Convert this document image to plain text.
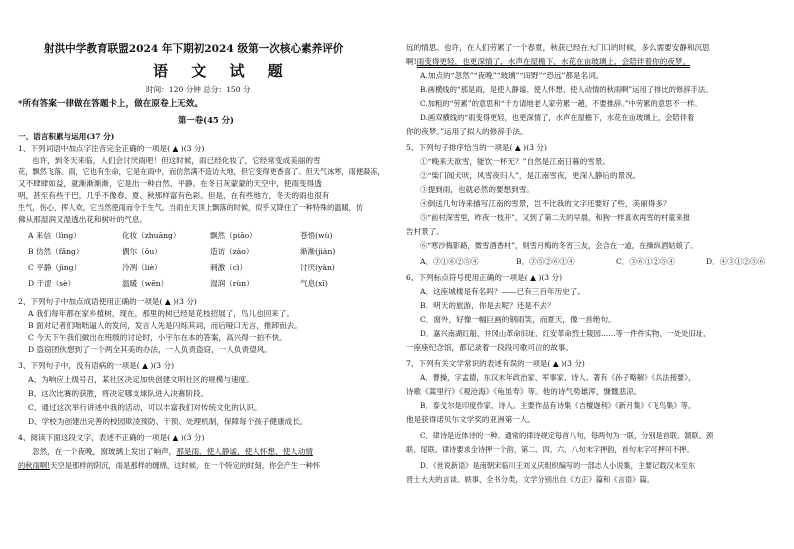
射洪中学教育联盟2024 年下期初2024 级第一次核心素养评价
语 文 试 题
时间：120 分钟 总分：150 分
*所有答案一律做在答题卡上，做在原卷上无效。
第一卷(45 分)
一、语言积累与运用(37 分)
1、下列词语中加点字注音完全正确的一项是( ▲ )(3 分)
也许，到冬天来临，人们会讨厌雨吧！但这时候，雨已经化妆了，它经常变成美丽的雪
花，飘然飞落。雨，它也有生命，它是在雨中，而仿然满不造访大地，但它变得更香喜了。但天气冰寒，雨便凝冻，
又不肆肆如益，就渐渐渐渐，它是出一种自然、平静。在冬日灰蒙蒙的天空中，使雨变得透
明，甚至有些干巴，几乎不像春、夏、秋那样富有色彩。但是，在有些地方，冬天的雨也很有
生气，伤心，挥人欢，它当然使雨而令于生气。当雨在天顶上飘落的时候，似乎又降住了一种特殊的温暖，仿
佛从那湿润又湿透出花和树叶的气息。
A 来信（lìng）	化妆（zhuāng）	飘然（piāo）	苍悟(wù)
B 仿然（fǎng）	偶尔（ǒu）	造访（zào）	渐渐(jiàn)
C 平静（jìng）	冷冽（liè）	刺激（cì）	讨厌(yàn)
D 干涩（sè）	温暖（wēn）	湿润（rùn）	气息(xī)
2、下列句子中加点成语使用正确的一项是( ▲ )(3 分)
A 我们每年都在家乡植树，现在，那里的树已经是花枝招展了，鸟儿也回来了。
B 面对记者们咄咄逼人的发问，发言人先是闪烁其词，而后哑口无言，推卸而去。
C 今天下午我们做出在班级的讨论时，小宇尔在本的答案，高兴得一拍不快。
D 盗窃团伙想到了一个两全其美的办法，一人负责盗窃，一人负责望风。
3、下列句子中，没有语病的一项是( ▲ )(3 分)
A、为响应上级号召，某社区决定加快创建文明社区的规模与速度。
B、这次比赛的获胜，将决定哪支球队进入决赛阶段。
C、通过这次举行讲述中我的活动，可以丰富我们对传统文化的认识。
D、学校为创建出完善的校园欺凌预防、干预、处理机制，保障每个孩子健康成长。
4、阅读下面这段文字，表述不正确的一项是( ▲ )(3 分)
忽然，在一个夜晚，窗玻璃上发出了响声，那是雨，使人静谧、使人怀想、使人动情
的秋雨啊!天空是那样的阴沉，雨是那样的缠绵，这时候，在一个特定的时刻，你会产生一种怀
远的情思。也许，在人们劳累了一个春夏，秋获已经在大门口的时候，多么需要安静和沉思
啊!雨变得更轻，也更深情了，水声在屋檐下，水花在亩玻璃上，会陪伴着你的夜梦。
A.加点的“忽然”“夜晚”“玻璃”“田野”“恐远”都是名词。
B.画横线的“那是雨，是使人静谧、使人怀想、使人动情的秋雨啊”运用了排比的修辞手法。
C.加粗的“劳累”的意思和“千方请地老人家劳累一趟，不要推辞。”中劳累的意思不一样。
D.画双横线的“雨变得更轻，也更深情了，水声在屋檐下，水花在亩玻璃上，会陪伴着
你的夜梦。”运用了拟人的修辞手法。
5、下列句子排序恰当的一项是( ▲ )(3 分)
①“晚来天欲雪，能饮一杯无？”自然是江南日暮的雪景。
②“柴门闻犬吠，风雪夜归人”，是江南雪夜，更深人静后的景况。
③提到雨，也就必然的要想到雪。
④倒送几句诗来描写江南的雪景，岂不比我的文字还要好了些，美丽得多？
⑤“前村深雪里，昨夜一枝开”，又到了第二天的早晨，和狗一样喜欢再雪的村童来报
告村景了。
⑥“寒沙梅影路，微雪酒香村”，则雪月梅的冬宵三友，会合在一道，在操纵酒姑娘了。
A．③①⑥②⑤④	B．③⑤②⑥①④	C．③⑥①②⑤④	D．④③①②⑤⑥
6、下列标点符号使用正确的一项是( ▲ )(3 分)
A．这座城楼是有名吗？——已有三百年历史了。
B．明天的旅游，你是去呢？还是不去？
C．窗外，好像一幅巨画的钢雨笑，而夏天，像一首绝句。
D．嘉兴南湖红船、井冈山革命旧址、红安革命烈士陵园……等一件件实物、一处处旧址、
一座座纪念馆，都记录着一段段可歌可泣的故事。
7、下列有关文学常识的表述有误的一项是( ▲ )(3 分)
A．曹操，字孟德，东汉末年政治家、军事家、诗人。著有《孙子略解》《兵法接要》，
诗歌《蒿里行》《观沧海》《龟虽寿》等。他的诗气势雄浑，慷慨悲凉。
B．泰戈尔是印度作家、诗人。主要作品有诗集《吉檀迦利》《新月集》《飞鸟集》等。
他是获得诺贝尔文学奖的亚洲第一人。
C．律诗是近体诗的一种。通常的律诗规定每首八句，每两句为一联，分别是首联、颔联、颈
联、尾联。律诗要求全诗押一个韵，第二、四、六、八句末字押韵，首句末字可押可不押。
D．《世说新语》是南朝宋临川王刘义庆组织编写的一部志人小说集，主要记载汉末至东
晋士大夫的言谈、轶事，全书分类，文学分别出自《方正》篇和《言语》篇。
